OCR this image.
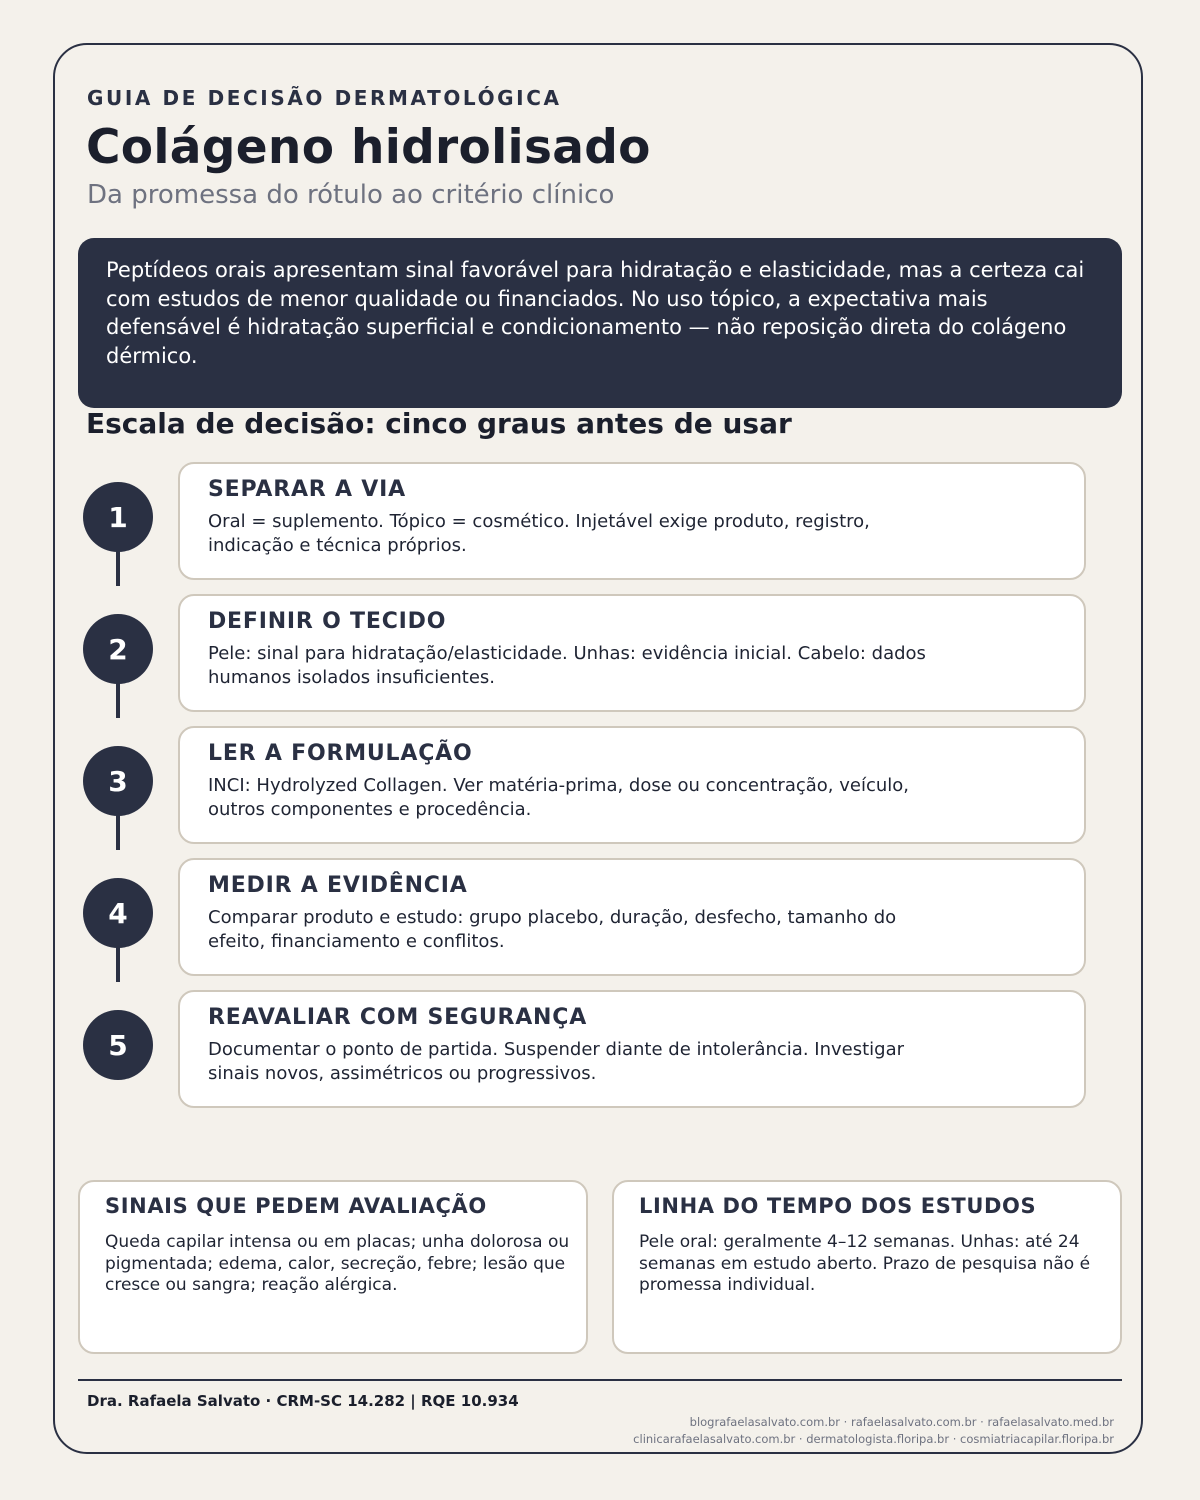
GUIA DE DECISÃO DERMATOLÓGICA

Colágeno hidrolisado

Da promessa do rótulo ao critério clínico

Peptídeos orais apresentam sinal favorável para hidratação e elasticidade, mas a certeza cai com estudos de menor qualidade ou financiados. No uso tópico, a expectativa mais defensável é hidratação superficial e condicionamento — não reposição direta do colágeno dérmico.
Escala de decisão: cinco graus antes de usar
1

SEPARAR A VIA

Oral = suplemento. Tópico = cosmético. Injetável exige produto, registro, indicação e técnica próprios.

2

DEFINIR O TECIDO

Pele: sinal para hidratação/elasticidade. Unhas: evidência inicial. Cabelo: dados humanos isolados insuficientes.

3

LER A FORMULAÇÃO

INCI: Hydrolyzed Collagen. Ver matéria-prima, dose ou concentração, veículo, outros componentes e procedência.

4

MEDIR A EVIDÊNCIA

Comparar produto e estudo: grupo placebo, duração, desfecho, tamanho do efeito, financiamento e conflitos.

5

REAVALIAR COM SEGURANÇA

Documentar o ponto de partida. Suspender diante de intolerância. Investigar sinais novos, assimétricos ou progressivos.

SINAIS QUE PEDEM AVALIAÇÃO

Queda capilar intensa ou em placas; unha dolorosa ou pigmentada; edema, calor, secreção, febre; lesão que cresce ou sangra; reação alérgica.

LINHA DO TEMPO DOS ESTUDOS

Pele oral: geralmente 4–12 semanas. Unhas: até 24 semanas em estudo aberto. Prazo de pesquisa não é promessa individual.

Dra. Rafaela Salvato · CRM-SC 14.282 | RQE 10.934

blografaelasalvato.com.br · rafaelasalvato.com.br · rafaelasalvato.med.br
clinicarafaelasalvato.com.br · dermatologista.floripa.br · cosmiatriacapilar.floripa.br
